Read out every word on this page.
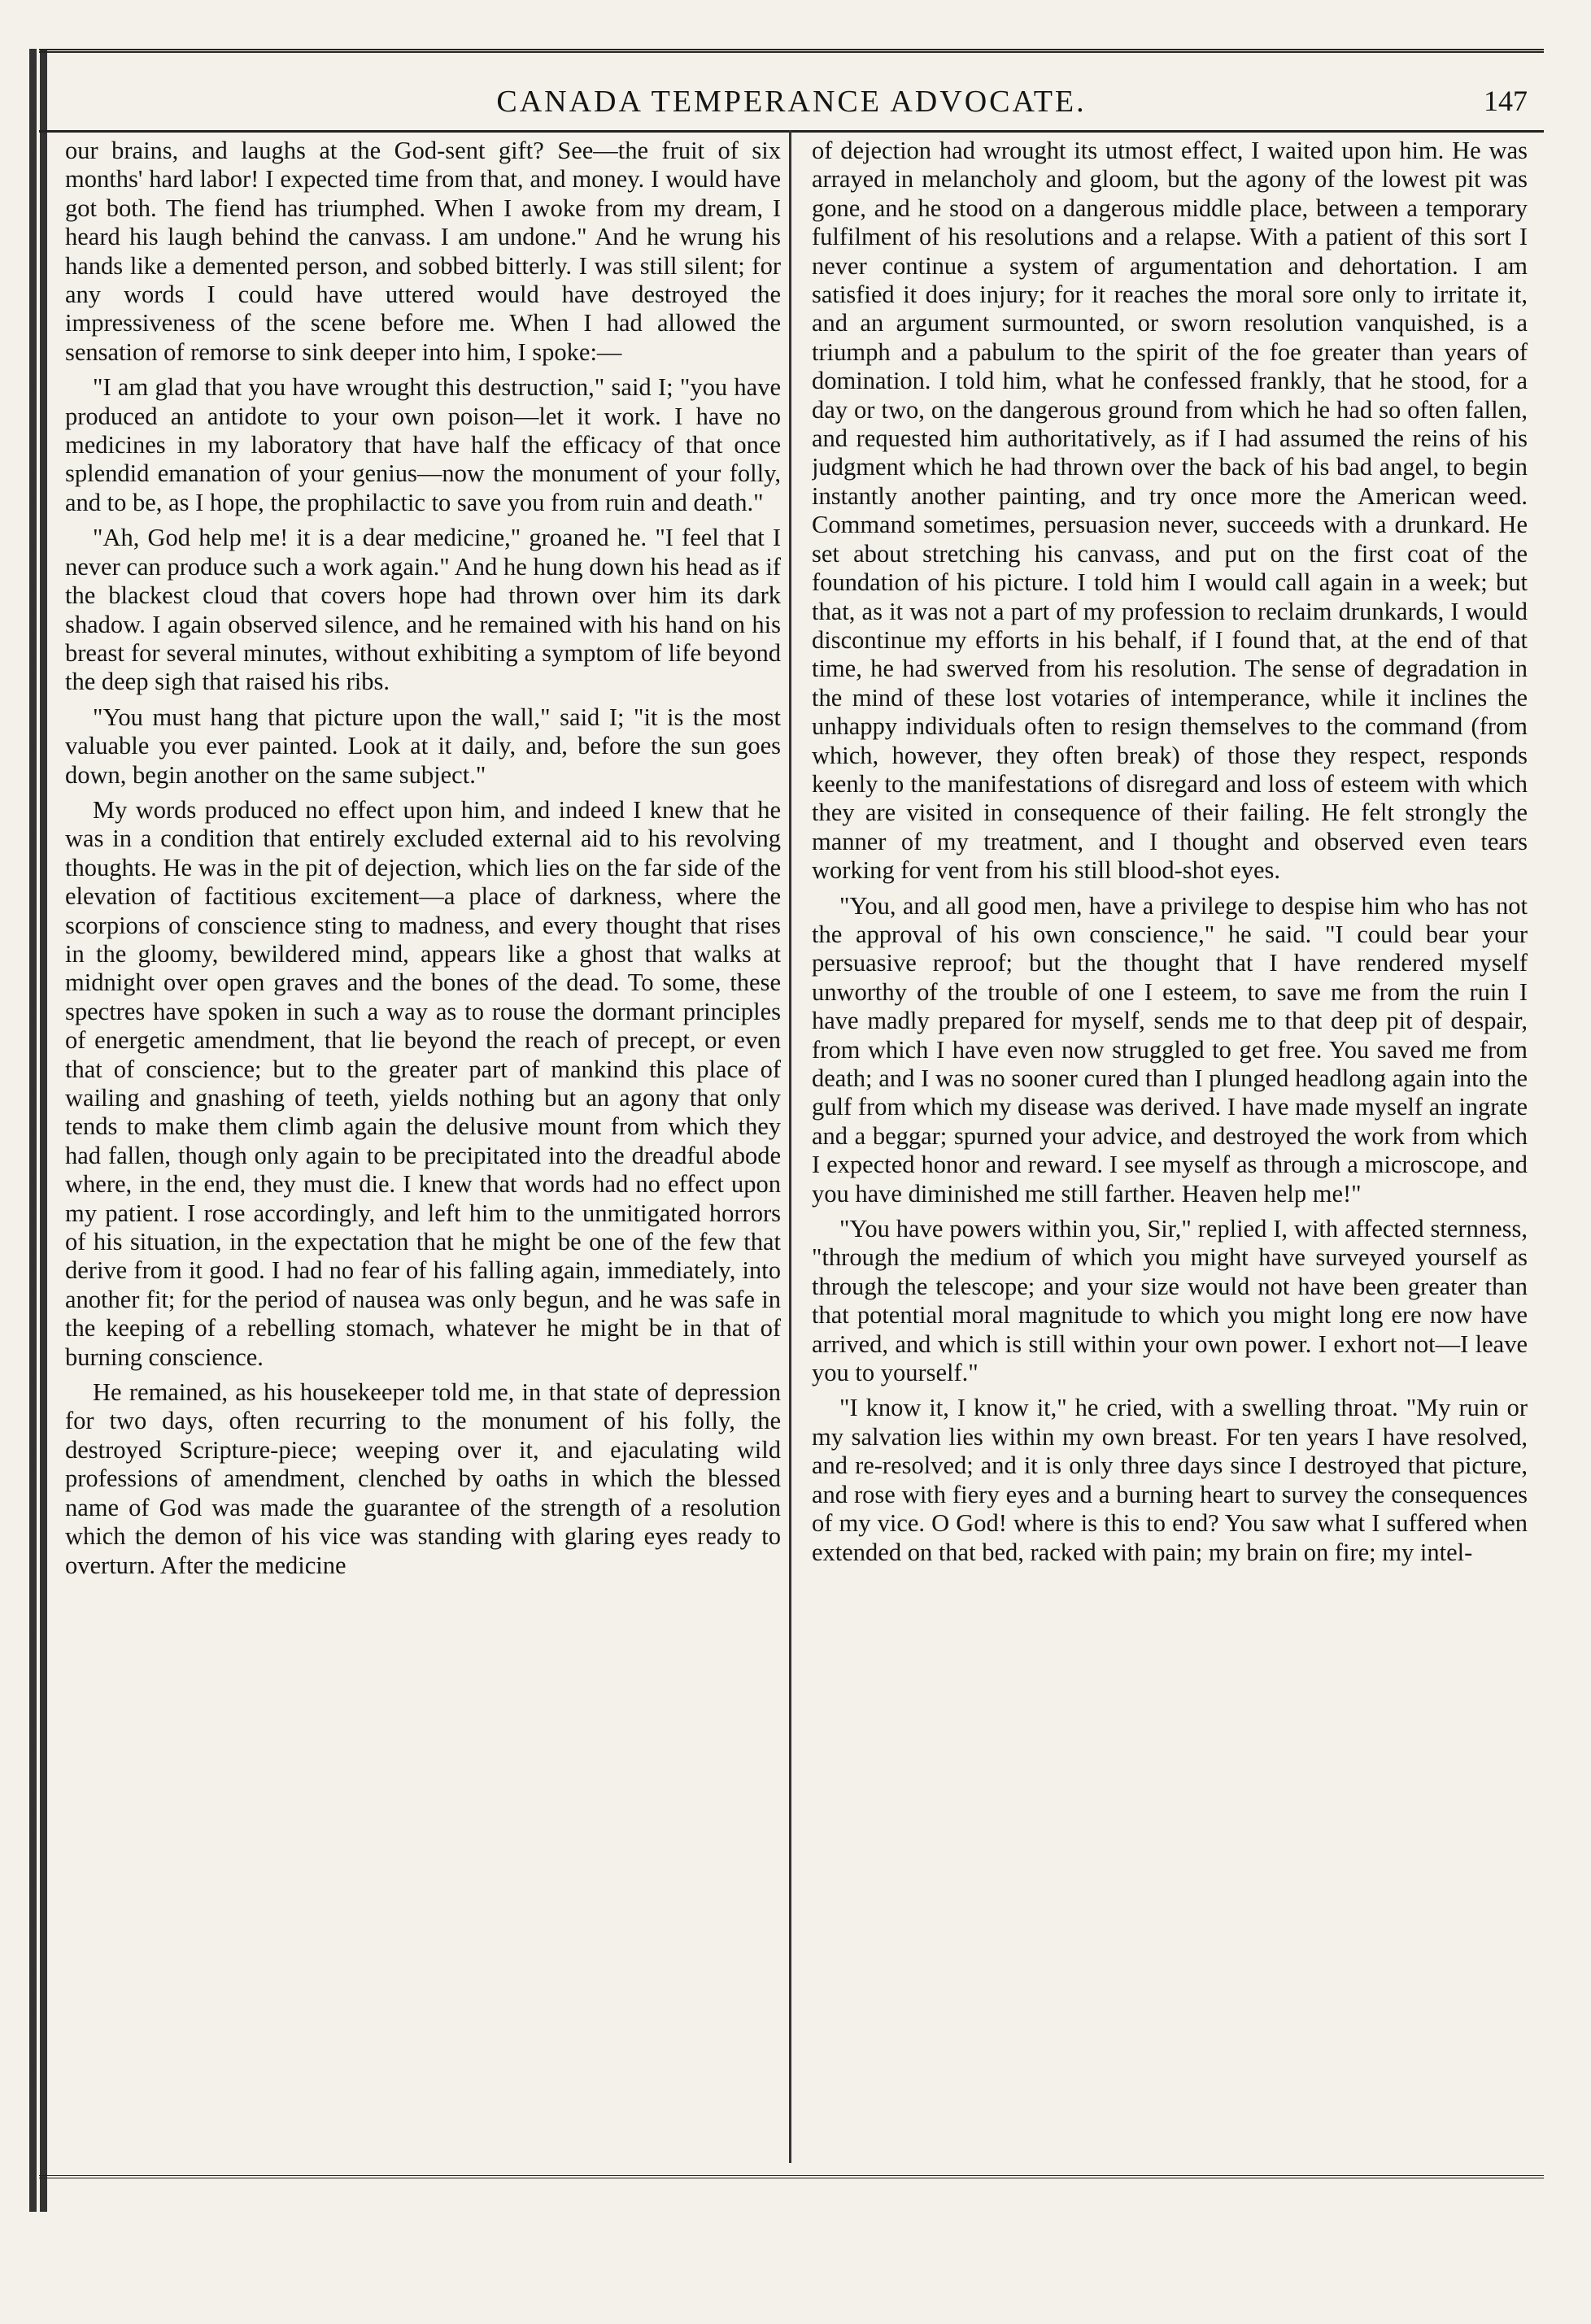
CANADA TEMPERANCE ADVOCATE.	147

our brains, and laughs at the God-sent gift? See—the fruit of six months' hard labor! I expected time from that, and money. I would have got both. The fiend has triumphed. When I awoke from my dream, I heard his laugh behind the canvass. I am undone." And he wrung his hands like a demented person, and sobbed bitterly. I was still silent; for any words I could have uttered would have destroyed the impressiveness of the scene before me. When I had allowed the sensation of remorse to sink deeper into him, I spoke:—

"I am glad that you have wrought this destruction," said I; "you have produced an antidote to your own poison—let it work. I have no medicines in my laboratory that have half the efficacy of that once splendid emanation of your genius—now the monument of your folly, and to be, as I hope, the prophilactic to save you from ruin and death."

"Ah, God help me! it is a dear medicine," groaned he. "I feel that I never can produce such a work again." And he hung down his head as if the blackest cloud that covers hope had thrown over him its dark shadow. I again observed silence, and he remained with his hand on his breast for several minutes, without exhibiting a symptom of life beyond the deep sigh that raised his ribs.

"You must hang that picture upon the wall," said I; "it is the most valuable you ever painted. Look at it daily, and, before the sun goes down, begin another on the same subject."

My words produced no effect upon him, and indeed I knew that he was in a condition that entirely excluded external aid to his revolving thoughts. He was in the pit of dejection, which lies on the far side of the elevation of factitious excitement—a place of darkness, where the scorpions of conscience sting to madness, and every thought that rises in the gloomy, bewildered mind, appears like a ghost that walks at midnight over open graves and the bones of the dead. To some, these spectres have spoken in such a way as to rouse the dormant principles of energetic amendment, that lie beyond the reach of precept, or even that of conscience; but to the greater part of mankind this place of wailing and gnashing of teeth, yields nothing but an agony that only tends to make them climb again the delusive mount from which they had fallen, though only again to be precipitated into the dreadful abode where, in the end, they must die. I knew that words had no effect upon my patient. I rose accordingly, and left him to the unmitigated horrors of his situation, in the expectation that he might be one of the few that derive from it good. I had no fear of his falling again, immediately, into another fit; for the period of nausea was only begun, and he was safe in the keeping of a rebelling stomach, whatever he might be in that of burning conscience.

He remained, as his housekeeper told me, in that state of depression for two days, often recurring to the monument of his folly, the destroyed Scripture-piece; weeping over it, and ejaculating wild professions of amendment, clenched by oaths in which the blessed name of God was made the guarantee of the strength of a resolution which the demon of his vice was standing with glaring eyes ready to overturn. After the medicine

of dejection had wrought its utmost effect, I waited upon him. He was arrayed in melancholy and gloom, but the agony of the lowest pit was gone, and he stood on a dangerous middle place, between a temporary fulfilment of his resolutions and a relapse. With a patient of this sort I never continue a system of argumentation and dehortation. I am satisfied it does injury; for it reaches the moral sore only to irritate it, and an argument surmounted, or sworn resolution vanquished, is a triumph and a pabulum to the spirit of the foe greater than years of domination. I told him, what he confessed frankly, that he stood, for a day or two, on the dangerous ground from which he had so often fallen, and requested him authoritatively, as if I had assumed the reins of his judgment which he had thrown over the back of his bad angel, to begin instantly another painting, and try once more the American weed. Command sometimes, persuasion never, succeeds with a drunkard. He set about stretching his canvass, and put on the first coat of the foundation of his picture. I told him I would call again in a week; but that, as it was not a part of my profession to reclaim drunkards, I would discontinue my efforts in his behalf, if I found that, at the end of that time, he had swerved from his resolution. The sense of degradation in the mind of these lost votaries of intemperance, while it inclines the unhappy individuals often to resign themselves to the command (from which, however, they often break) of those they respect, responds keenly to the manifestations of disregard and loss of esteem with which they are visited in consequence of their failing. He felt strongly the manner of my treatment, and I thought and observed even tears working for vent from his still blood-shot eyes.

"You, and all good men, have a privilege to despise him who has not the approval of his own conscience," he said. "I could bear your persuasive reproof; but the thought that I have rendered myself unworthy of the trouble of one I esteem, to save me from the ruin I have madly prepared for myself, sends me to that deep pit of despair, from which I have even now struggled to get free. You saved me from death; and I was no sooner cured than I plunged headlong again into the gulf from which my disease was derived. I have made myself an ingrate and a beggar; spurned your advice, and destroyed the work from which I expected honor and reward. I see myself as through a microscope, and you have diminished me still farther. Heaven help me!"

"You have powers within you, Sir," replied I, with affected sternness, "through the medium of which you might have surveyed yourself as through the telescope; and your size would not have been greater than that potential moral magnitude to which you might long ere now have arrived, and which is still within your own power. I exhort not—I leave you to yourself."

"I know it, I know it," he cried, with a swelling throat. "My ruin or my salvation lies within my own breast. For ten years I have resolved, and re-resolved; and it is only three days since I destroyed that picture, and rose with fiery eyes and a burning heart to survey the consequences of my vice. O God! where is this to end? You saw what I suffered when extended on that bed, racked with pain; my brain on fire; my intel-
